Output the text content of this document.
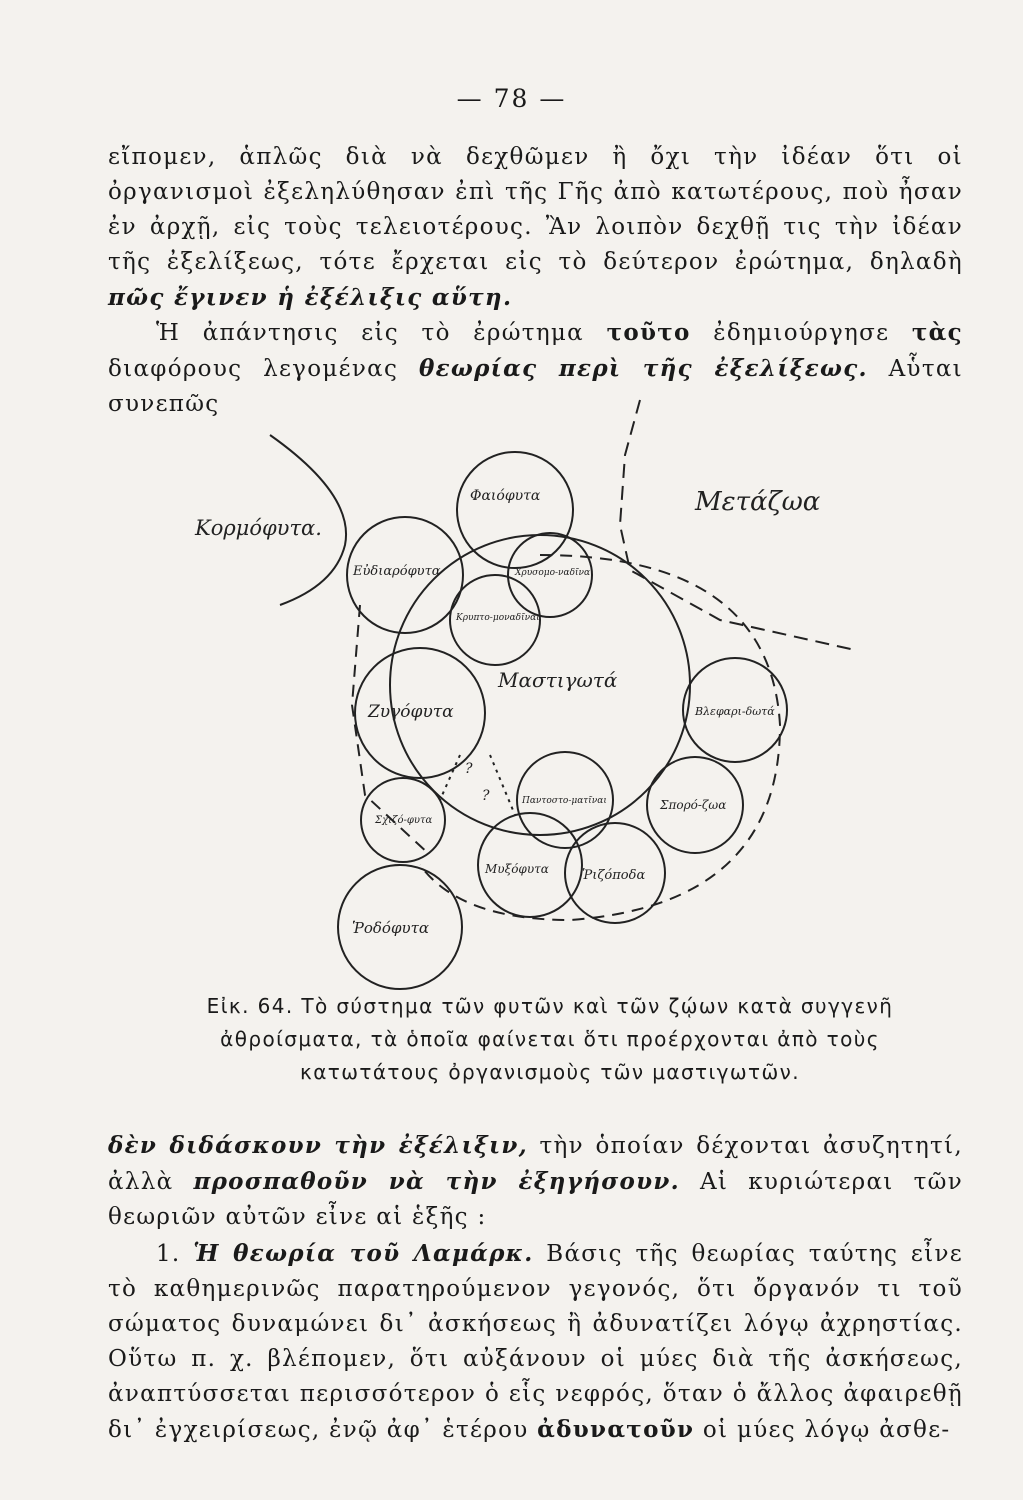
— 78 —
εἴπομεν, ἁπλῶς διὰ νὰ δεχθῶμεν ἢ ὄχι τὴν ἰδέαν ὅτι οἱ ὀργανισμοὶ ἐξεληλύθησαν ἐπὶ τῆς Γῆς ἀπὸ κατωτέρους, ποὺ ἦσαν ἐν ἀρχῇ, εἰς τοὺς τελειοτέρους. Ἂν λοιπὸν δεχθῇ τις τὴν ἰδέαν τῆς ἐξελίξεως, τότε ἔρχεται εἰς τὸ δεύτερον ἐρώτημα, δηλαδὴ πῶς ἔγινεν ἡ ἐξέλιξις αὕτη.
Ἡ ἀπάντησις εἰς τὸ ἐρώτημα τοῦτο ἐδημιούργησε τὰς διαφόρους λεγομένας θεωρίας περὶ τῆς ἐξελίξεως. Αὗται συνεπῶς
Κορμόφυτα.
Μετάζωα
Φαιόφυτα
Χρυσομο-ναδῖναι
Εὐδιαρόφυτα
Κρυπτο-μοναδῖναι
Μαστιγωτά
Ζυγόφυτα	Βλεφαρι-δωτά
Παντοστο-ματῖναι	Σπορό-ζωα
Σχιζό-φυτα
Μυξόφυτα	Ῥιζόποδα
Ῥοδόφυτα
?
?
Εἰκ. 64. Τὸ σύστημα τῶν φυτῶν καὶ τῶν ζῴων κατὰ συγγενῆ ἀθροίσματα, τὰ ὁποῖα φαίνεται ὅτι προέρχονται ἀπὸ τοὺς κατωτάτους ὀργανισμοὺς τῶν μαστιγωτῶν.
δὲν διδάσκουν τὴν ἐξέλιξιν, τὴν ὁποίαν δέχονται ἀσυζητητί, ἀλλὰ προσπαθοῦν νὰ τὴν ἐξηγήσουν. Αἱ κυριώτεραι τῶν θεωριῶν αὐτῶν εἶνε αἱ ἑξῆς :
1. Ἡ θεωρία τοῦ Λαμάρκ. Βάσις τῆς θεωρίας ταύτης εἶνε τὸ καθημερινῶς παρατηρούμενον γεγονός, ὅτι ὄργανόν τι τοῦ σώματος δυναμώνει δι᾽ ἀσκήσεως ἢ ἀδυνατίζει λόγῳ ἀχρηστίας. Οὕτω π. χ. βλέπομεν, ὅτι αὐξάνουν οἱ μύες διὰ τῆς ἀσκήσεως, ἀναπτύσσεται περισσότερον ὁ εἷς νεφρός, ὅταν ὁ ἄλλος ἀφαιρεθῇ δι᾽ ἐγχειρίσεως, ἐνῷ ἀφ᾽ ἑτέρου ἀδυνατοῦν οἱ μύες λόγῳ ἀσθε-
